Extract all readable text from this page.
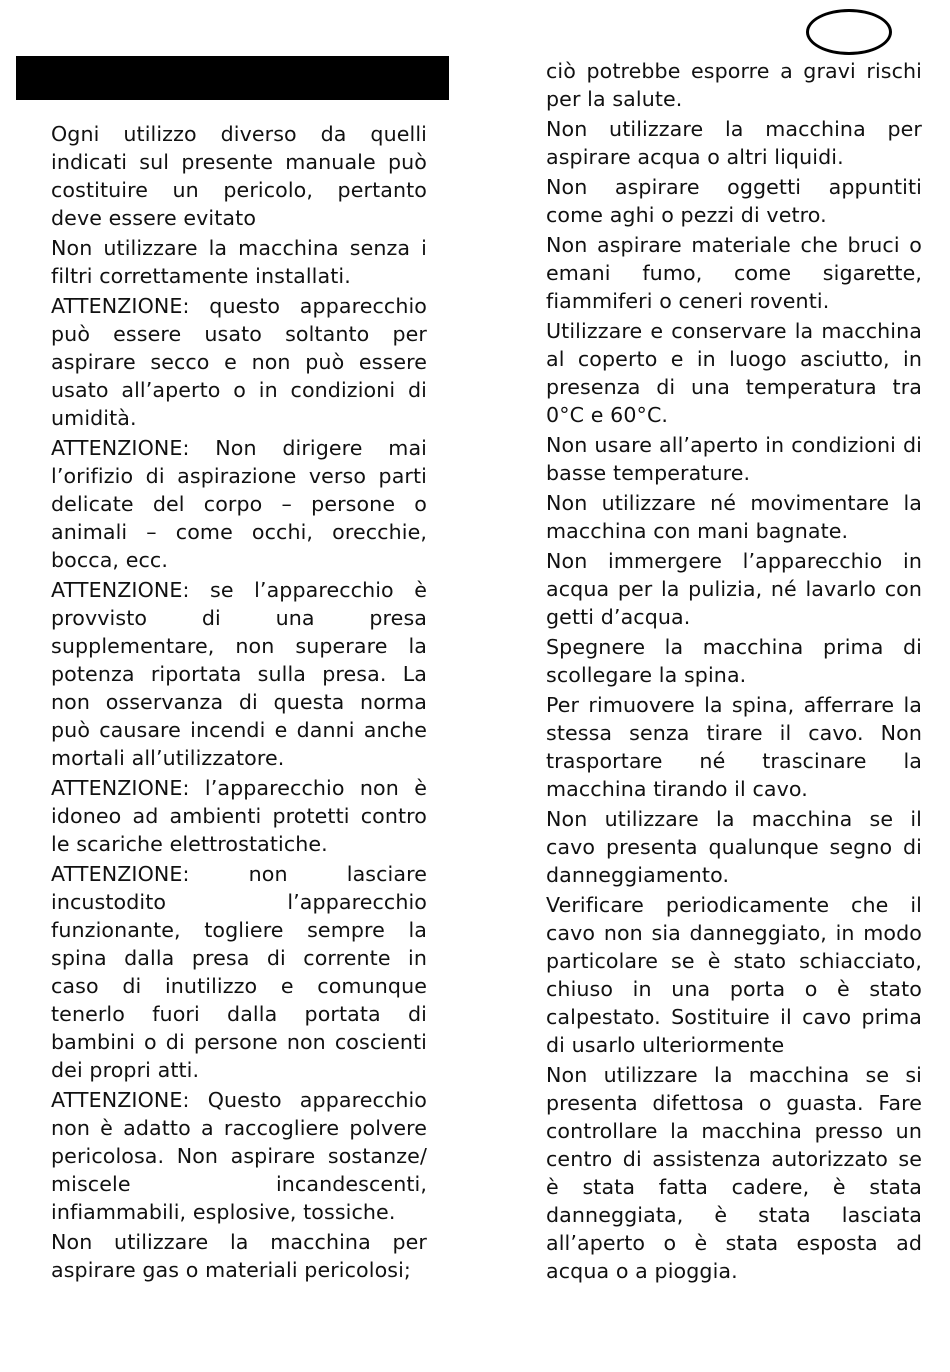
Ogni utilizzo diverso da quelli indicati sul presente manuale può costituire un pericolo, pertanto deve essere evitato

Non utilizzare la macchina senza i filtri correttamente installati.

ATTENZIONE: questo apparecchio può essere usato soltanto per aspirare secco e non può essere usato all’aperto o in condizioni di umidità.

ATTENZIONE: Non dirigere mai l’orifizio di aspirazione verso parti delicate del corpo – persone o animali – come occhi, orecchie, bocca, ecc.

ATTENZIONE: se l’apparecchio è provvisto di una presa supplementare, non superare la potenza riportata sulla presa. La non osservanza di questa norma può causare incendi e danni anche mortali all’utilizzatore.

ATTENZIONE: l’apparecchio non è idoneo ad ambienti protetti contro le scariche elettrostatiche.

ATTENZIONE: non lasciare incustodito l’apparecchio funzionante, togliere sempre la spina dalla presa di corrente in caso di inutilizzo e comunque tenerlo fuori dalla portata di bambini o di persone non coscienti dei propri atti.

ATTENZIONE: Questo apparecchio non è adatto a raccogliere polvere pericolosa. Non aspirare sostanze/ miscele incandescenti, infiammabili, esplosive, tossiche.

Non utilizzare la macchina per aspirare gas o materiali pericolosi;

ciò potrebbe esporre a gravi rischi per la salute.

Non utilizzare la macchina per aspirare acqua o altri liquidi.

Non aspirare oggetti appuntiti come aghi o pezzi di vetro.

Non aspirare materiale che bruci o emani fumo, come sigarette, fiammiferi o ceneri roventi.

Utilizzare e conservare la macchina al coperto e in luogo asciutto, in presenza di una temperatura tra 0°C e 60°C.

Non usare all’aperto in condizioni di basse temperature.

Non utilizzare né movimentare la macchina con mani bagnate.

Non immergere l’apparecchio in acqua per la pulizia, né lavarlo con getti d’acqua.

Spegnere la macchina prima di scollegare la spina.

Per rimuovere la spina, afferrare la stessa senza tirare il cavo. Non trasportare né trascinare la macchina tirando il cavo.

Non utilizzare la macchina se il cavo presenta qualunque segno di danneggiamento.

Verificare periodicamente che il cavo non sia danneggiato, in modo particolare se è stato schiacciato, chiuso in una porta o è stato calpestato. Sostituire il cavo prima di usarlo ulteriormente

Non utilizzare la macchina se si presenta difettosa o guasta. Fare controllare la macchina presso un centro di assistenza autorizzato se è stata fatta cadere, è stata danneggiata, è stata lasciata all’aperto o è stata esposta ad acqua o a pioggia.
